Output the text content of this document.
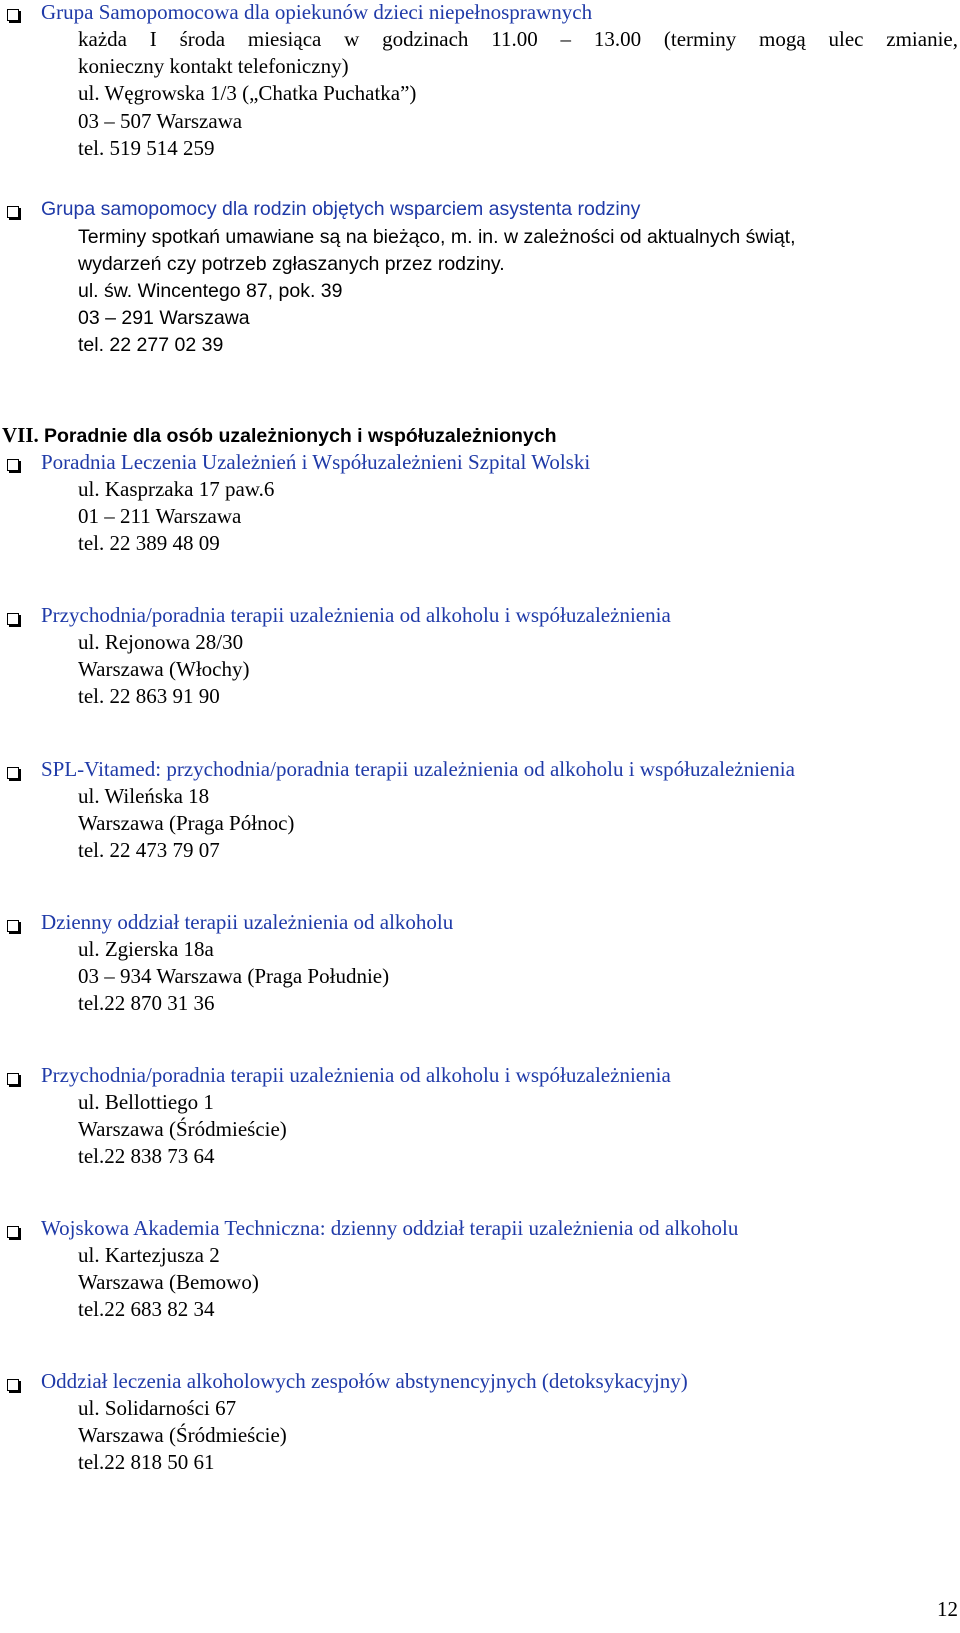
Grupa Samopomocowa dla opiekunów dzieci niepełnosprawnych
każda I środa miesiąca w godzinach 11.00 – 13.00 (terminy mogą ulec zmianie,
konieczny kontakt telefoniczny)
ul. Węgrowska 1/3 („Chatka Puchatka”)
03 – 507 Warszawa
tel. 519 514 259
Grupa samopomocy dla rodzin objętych wsparciem asystenta rodziny
Terminy spotkań umawiane są na bieżąco, m. in. w zależności od aktualnych świąt,
wydarzeń czy potrzeb zgłaszanych przez rodziny.
ul. św. Wincentego 87, pok. 39
03 – 291 Warszawa
tel. 22 277 02 39
VII. Poradnie dla osób uzależnionych i współuzależnionych
Poradnia Leczenia Uzależnień i Współuzależnieni Szpital Wolski
ul. Kasprzaka 17 paw.6
01 – 211 Warszawa
tel. 22 389 48 09
Przychodnia/poradnia terapii uzależnienia od alkoholu i współuzależnienia
ul. Rejonowa 28/30
Warszawa (Włochy)
tel. 22 863 91 90
SPL-Vitamed: przychodnia/poradnia terapii uzależnienia od alkoholu i współuzależnienia
ul. Wileńska 18
Warszawa (Praga Północ)
tel. 22 473 79 07
Dzienny oddział terapii uzależnienia od alkoholu
ul. Zgierska 18a
03 – 934 Warszawa (Praga Południe)
tel.22 870 31 36
Przychodnia/poradnia terapii uzależnienia od alkoholu i współuzależnienia
ul. Bellottiego 1
Warszawa (Śródmieście)
tel.22 838 73 64
Wojskowa Akademia Techniczna: dzienny oddział terapii uzależnienia od alkoholu
ul. Kartezjusza 2
Warszawa (Bemowo)
tel.22 683 82 34
Oddział leczenia alkoholowych zespołów abstynencyjnych (detoksykacyjny)
ul. Solidarności 67
Warszawa (Śródmieście)
tel.22 818 50 61
12
